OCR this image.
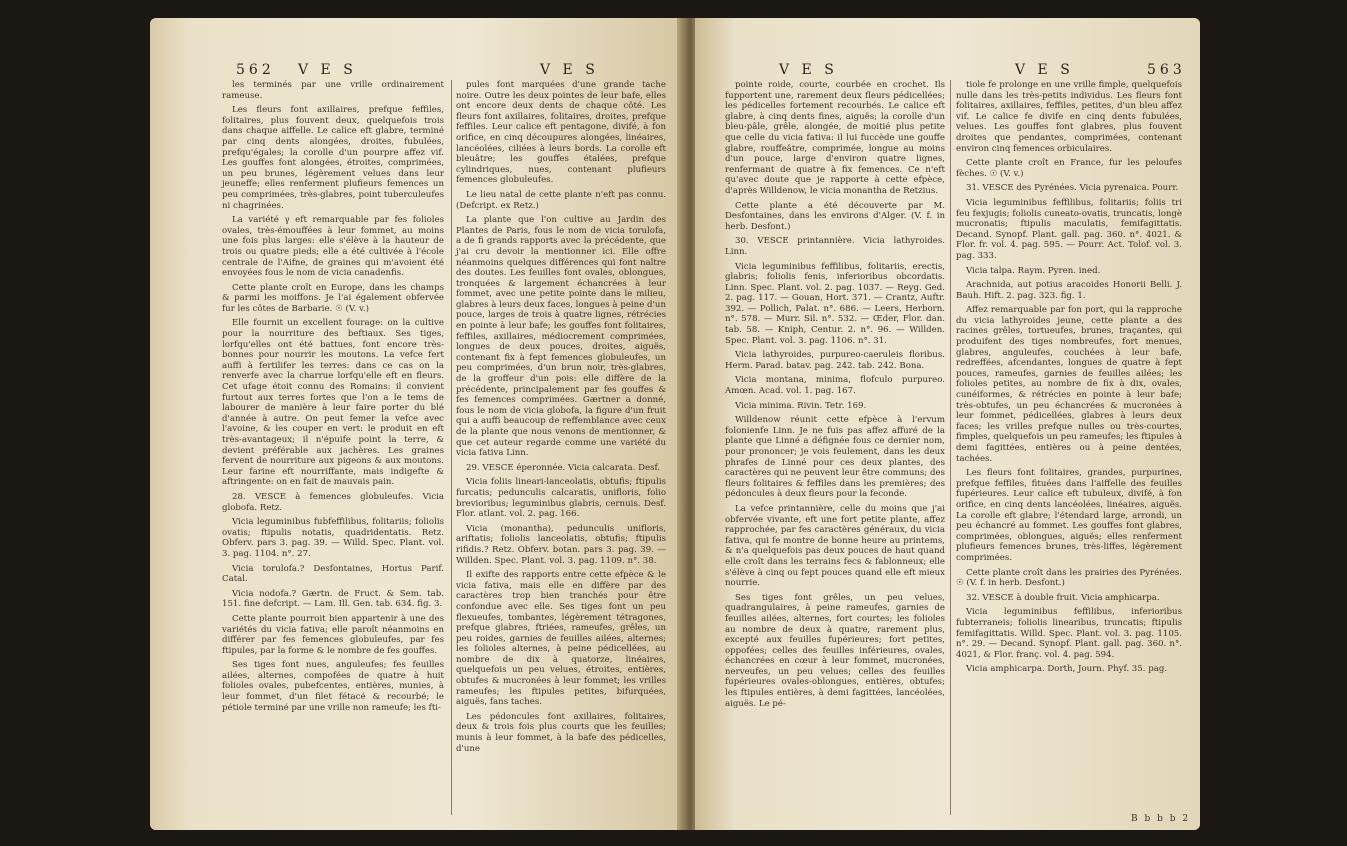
562 V E S	V E S

les terminés par une vrille ordinairement rameuse.

Les fleurs font axillaires, prefque feffiles, folitaires, plus fouvent deux, quelquefois trois dans chaque aiffelle. Le calice eft glabre, terminé par cinq dents alongées, droites, fubulées, prefqu'égales; la corolle d'un pourpre affez vif. Les gouffes font alongées, étroites, comprimées, un peu brunes, légèrement velues dans leur jeuneffe; elles renferment plufieurs femences un peu comprimées, très-glabres, point tuberculeufes ni chagrinées.

La variété γ eft remarquable par fes folioles ovales, très-émouffées à leur fommet, au moins une fois plus larges: elle s'élève à la hauteur de trois ou quatre pieds; elle a été cultivée à l'école centrale de l'Aifne, de graines qui m'avoient été envoyées fous le nom de vicia canadenfis.

Cette plante croît en Europe, dans les champs & parmi les moiffons. Je l'ai également obfervée fur les côtes de Barbarie. ☉ (V. v.)

Elle fournit un excellent fourage: on la cultive pour la nourriture des beftiaux. Ses tiges, lorfqu'elles ont été battues, font encore très-bonnes pour nourrir les moutons. La vefce fert auffi à fertilifer les terres: dans ce cas on la renverfe avec la charrue lorfqu'elle eft en fleurs. Cet ufage étoit connu des Romains: il convient furtout aux terres fortes que l'on a le tems de labourer de manière à leur faire porter du blé d'année à autre. On peut femer la vefce avec l'avoine, & les couper en vert: le produit en eft très-avantageux; il n'épuife point la terre, & devient préférable aux jachères. Les graines fervent de nourriture aux pigeons & aux moutons. Leur farine eft nourriffante, mais indigefte & aftringente: on en fait de mauvais pain.

28. VESCE à femences globuleufes. Vicia globofa. Retz.

Vicia leguminibus fubfeffilibus, folitariis; foliolis ovatis; ftipulis notatis, quadridentatis. Retz. Obferv. pars 3. pag. 39. — Willd. Spec. Plant. vol. 3. pag. 1104. n°. 27.

Vicia torulofa.? Desfontaines, Hortus Parif. Catal.

Vicia nodofa.? Gærtn. de Fruct. & Sem. tab. 151. fine defcript. — Lam. Ill. Gen. tab. 634. fig. 3.

Cette plante pourroit bien appartenir à une des variétés du vicia fativa; elle paroît néanmoins en différer par fes femences globuleufes, par fes ftipules, par la forme & le nombre de fes gouffes.

Ses tiges font nues, anguleufes; fes feuilles ailées, alternes, compofées de quatre à huit folioles ovales, pubefcentes, entières, munies, à leur fommet, d'un filet fétacé & recourbé; le pétiole terminé par une vrille non rameufe; les fti-

pules font marquées d'une grande tache noire. Outre les deux pointes de leur bafe, elles ont encore deux dents de chaque côté. Les fleurs font axillaires, folitaires, droites, prefque feffiles. Leur calice eft pentagone, divifé, à fon orifice, en cinq découpures alongées, linéaires, lancéolées, ciliées à leurs bords. La corolle eft bleuâtre; les gouffes étalées, prefque cylindriques, nues, contenant plufieurs femences globuleufes.

Le lieu natal de cette plante n'eft pas connu. (Defcript. ex Retz.)

La plante que l'on cultive au Jardin des Plantes de Paris, fous le nom de vicia torulofa, a de fi grands rapports avec la précédente, que j'ai cru devoir la mentionner ici. Elle offre néanmoins quelques différences qui font naître des doutes. Les feuilles font ovales, oblongues, tronquées & largement échancrées à leur fommet, avec une petite pointe dans le milieu, glabres à leurs deux faces, longues à peine d'un pouce, larges de trois à quatre lignes, rétrécies en pointe à leur bafe; les gouffes font folitaires, feffiles, axillaires, médiocrement comprimées, longues de deux pouces, droites, aiguës, contenant fix à fept femences globuleufes, un peu comprimées, d'un brun noir, très-glabres, de la groffeur d'un pois: elle diffère de la précédente, principalement par fes gouffes & fes femences comprimées. Gærtner a donné, fous le nom de vicia globofa, la figure d'un fruit qui a auffi beaucoup de reffemblance avec ceux de la plante que nous venons de mentionner, & que cet auteur regarde comme une variété du vicia fativa Linn.

29. VESCE éperonnée. Vicia calcarata. Desf.

Vicia foliis lineari-lanceolatis, obtufis; ftipulis furcatis; pedunculis calcaratis, unifloris, folio brevioribus; leguminibus glabris, cernuis. Desf. Flor. atlant. vol. 2. pag. 166.

Vicia (monantha), pedunculis unifloris, ariftatis; foliolis lanceolatis, obtufis; ftipulis rifidis.? Retz. Obferv. botan. pars 3. pag. 39. — Willden. Spec. Plant. vol. 3. pag. 1109. n°. 38.

Il exifte des rapports entre cette efpèce & le vicia fativa, mais elle en diffère par des caractères trop bien tranchés pour être confondue avec elle. Ses tiges font un peu flexueufes, tombantes, légèrement tétragones, prefque glabres, ftriées, rameufes, grêles, un peu roides, garnies de feuilles ailées, alternes; les folioles alternes, à peine pédicellées, au nombre de dix à quatorze, linéaires, quelquefois un peu velues, étroites, entières, obtufes & mucronées à leur fommet; les vrilles rameufes; les ftipules petites, bifurquées, aiguës, fans taches.

Les pédoncules font axillaires, folitaires, deux & trois fois plus courts que les feuilles; munis à leur fommet, à la bafe des pédicelles, d'une

V E S	V E S	563

pointe roide, courte, courbée en crochet. Ils fupportent une, rarement deux fleurs pédicellées; les pédicelles fortement recourbés. Le calice eft glabre, à cinq dents fines, aiguës; la corolle d'un bleu-pâle, grêle, alongée, de moitié plus petite que celle du vicia fativa: il lui fuccède une gouffe glabre, rouffeâtre, comprimée, longue au moins d'un pouce, large d'environ quatre lignes, renfermant de quatre à fix femences. Ce n'eft qu'avec doute que je rapporte à cette efpèce, d'après Willdenow, le vicia monantha de Retzius.

Cette plante a été découverte par M. Desfontaines, dans les environs d'Alger. (V. f. in herb. Desfont.)

30. VESCE printannière. Vicia lathyroides. Linn.

Vicia leguminibus feffilibus, folitariis, erectis, glabris; foliolis fenis, inferioribus obcordatis. Linn. Spec. Plant. vol. 2. pag. 1037. — Reyg. Ged. 2. pag. 117. — Gouan, Hort. 371. — Crantz, Auftr. 392. — Pollich, Palat. n°. 686. — Leers, Herborn. n°. 578. — Murr. Sil. n°. 532. — Œder, Flor. dan. tab. 58. — Kniph, Centur. 2. n°. 96. — Willden. Spec. Plant. vol. 3. pag. 1106. n°. 31.

Vicia lathyroides, purpureo-caeruleis floribus. Herm. Parad. batav. pag. 242. tab. 242. Bona.

Vicia montana, minima, flofculo purpureo. Amœn. Acad. vol. 1. pag. 167.

Vicia minima. Rivin. Tetr. 169.

Willdenow réunit cette efpèce à l'ervum folonienfe Linn. Je ne fuis pas affez affuré de la plante que Linné a défignée fous ce dernier nom, pour prononcer; je vois feulement, dans les deux phrafes de Linné pour ces deux plantes, des caractères qui ne peuvent leur être communs; des fleurs folitaires & feffiles dans les premières; des pédoncules à deux fleurs pour la feconde.

La vefce printannière, celle du moins que j'ai obfervée vivante, eft une fort petite plante, affez rapprochée, par fes caractères généraux, du vicia fativa, qui fe montre de bonne heure au printems, & n'a quelquefois pas deux pouces de haut quand elle croît dans les terrains fecs & fablonneux; elle s'élève à cinq ou fept pouces quand elle eft mieux nourrie.

Ses tiges font grêles, un peu velues, quadrangulaires, à peine rameufes, garnies de feuilles ailées, alternes, fort courtes; les folioles au nombre de deux à quatre, rarement plus, excepté aux feuilles fupérieures; fort petites, oppofées; celles des feuilles inférieures, ovales, échancrées en cœur à leur fommet, mucronées, nerveufes, un peu velues; celles des feuilles fupérieures ovales-oblongues, entières, obtufes; les ftipules entières, à demi fagittées, lancéolées, aiguës. Le pé-

tiole fe prolonge en une vrille fimple, quelquefois nulle dans les très-petits individus. Les fleurs font folitaires, axillaires, feffiles, petites, d'un bleu affez vif. Le calice fe divife en cinq dents fubulées, velues. Les gouffes font glabres, plus fouvent droites que pendantes, comprimées, contenant environ cinq femences orbiculaires.

Cette plante croît en France, fur les peloufes fèches. ☉ (V. v.)

31. VESCE des Pyrénées. Vicia pyrenaica. Pourr.

Vicia leguminibus feffilibus, folitariis; foliis tri feu fexjugis; foliolis cuneato-ovatis, truncatis, longè mucronatis; ftipulis maculatis, femifagittatis. Decand. Synopf. Plant. gall. pag. 360. n°. 4021. & Flor. fr. vol. 4. pag. 595. — Pourr. Act. Tolof. vol. 3. pag. 333.

Vicia talpa. Raym. Pyren. ined.

Arachnida, aut potius aracoides Honorii Belli. J. Bauh. Hift. 2. pag. 323. fig. 1.

Affez remarquable par fon port, qui la rapproche du vicia lathyroides jeune, cette plante a des racines grêles, tortueufes, brunes, traçantes, qui produifent des tiges nombreufes, fort menues, glabres, anguleufes, couchées à leur bafe, redreffées, afcendantes, longues de quatre à fept pouces, rameufes, garnies de feuilles ailées; les folioles petites, au nombre de fix à dix, ovales, cunéiformes, & rétrécies en pointe à leur bafe; très-obtufes, un peu échancrées & mucronées à leur fommet, pédicellées, glabres à leurs deux faces; les vrilles prefque nulles ou très-courtes, fimples, quelquefois un peu rameufes; les ftipules à demi fagittées, entières ou à peine dentées, tachées.

Les fleurs font folitaires, grandes, purpurines, prefque feffiles, fituées dans l'aiffelle des feuilles fupérieures. Leur calice eft tubuleux, divifé, à fon orifice, en cinq dents lancéolées, linéaires, aiguës. La corolle eft glabre; l'étendard large, arrondi, un peu échancré au fommet. Les gouffes font glabres, comprimées, oblongues, aiguës; elles renferment plufieurs femences brunes, très-liffes, légèrement comprimées.

Cette plante croît dans les prairies des Pyrénées. ☉ (V. f. in herb. Desfont.)

32. VESCE à double fruit. Vicia amphicarpa.

Vicia leguminibus feffilibus, inferioribus fubterraneis; foliolis linearibus, truncatis; ftipulis femifagittatis. Willd. Spec. Plant. vol. 3. pag. 1105. n°. 29. — Decand. Synopf. Plant. gall. pag. 360. n°. 4021, & Flor. franç. vol. 4. pag. 594.

Vicia amphicarpa. Dorth, Journ. Phyf. 35. pag.

B b b b 2
